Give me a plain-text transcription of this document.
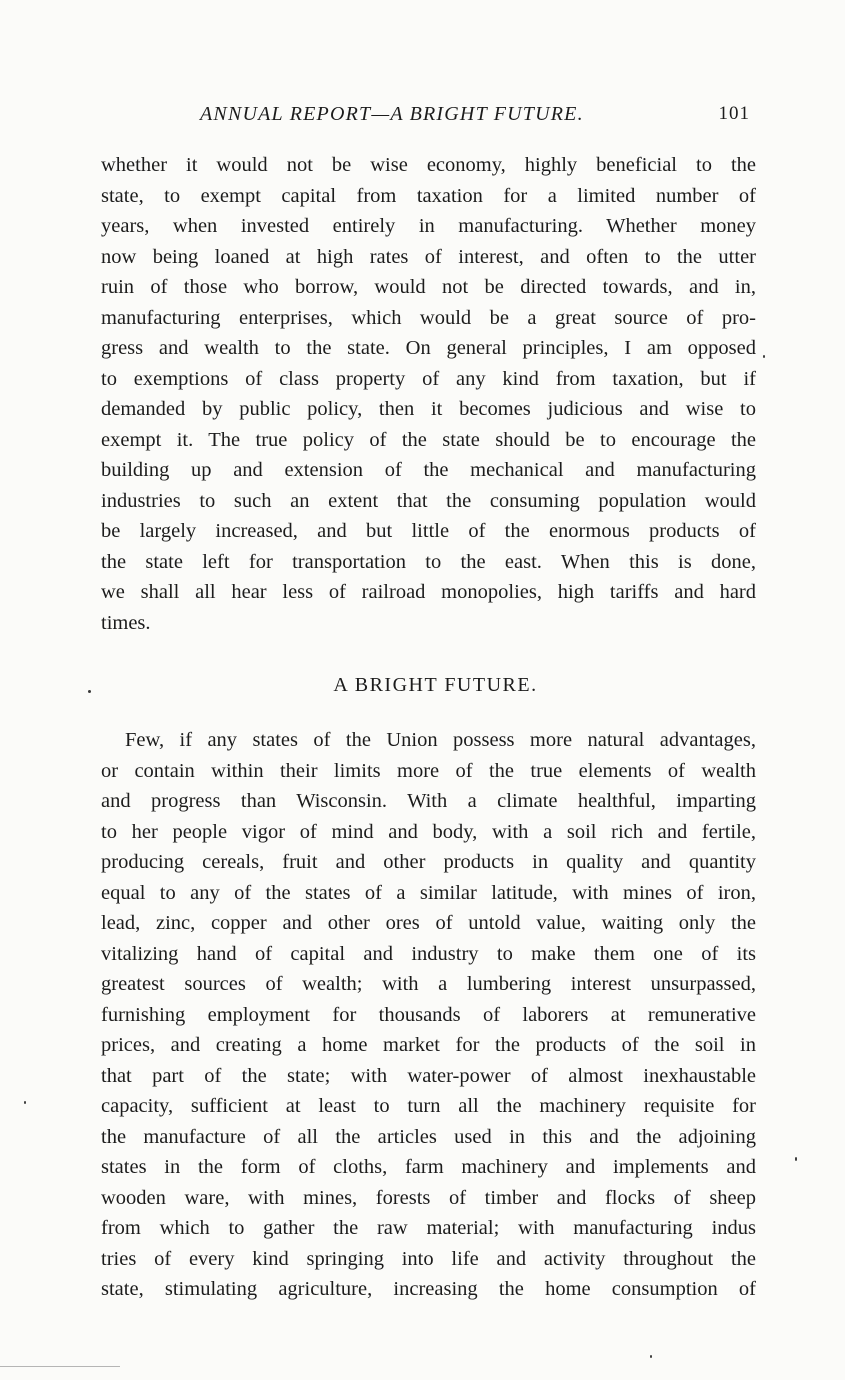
ANNUAL REPORT—A BRIGHT FUTURE.	101
whether it would not be wise economy, highly beneficial to the
state, to exempt capital from taxation for a limited number of
years, when invested entirely in manufacturing. Whether money
now being loaned at high rates of interest, and often to the utter
ruin of those who borrow, would not be directed towards, and in,
manufacturing enterprises, which would be a great source of pro-
gress and wealth to the state. On general principles, I am opposed
to exemptions of class property of any kind from taxation, but if
demanded by public policy, then it becomes judicious and wise to
exempt it. The true policy of the state should be to encourage the
building up and extension of the mechanical and manufacturing
industries to such an extent that the consuming population would
be largely increased, and but little of the enormous products of
the state left for transportation to the east. When this is done,
we shall all hear less of railroad monopolies, high tariffs and hard
times.
A BRIGHT FUTURE.
Few, if any states of the Union possess more natural advantages,
or contain within their limits more of the true elements of wealth
and progress than Wisconsin. With a climate healthful, imparting
to her people vigor of mind and body, with a soil rich and fertile,
producing cereals, fruit and other products in quality and quantity
equal to any of the states of a similar latitude, with mines of iron,
lead, zinc, copper and other ores of untold value, waiting only the
vitalizing hand of capital and industry to make them one of its
greatest sources of wealth; with a lumbering interest unsurpassed,
furnishing employment for thousands of laborers at remunerative
prices, and creating a home market for the products of the soil in
that part of the state; with water-power of almost inexhaustable
capacity, sufficient at least to turn all the machinery requisite for
the manufacture of all the articles used in this and the adjoining
states in the form of cloths, farm machinery and implements and
wooden ware, with mines, forests of timber and flocks of sheep
from which to gather the raw material; with manufacturing indus
tries of every kind springing into life and activity throughout the
state, stimulating agriculture, increasing the home consumption of
